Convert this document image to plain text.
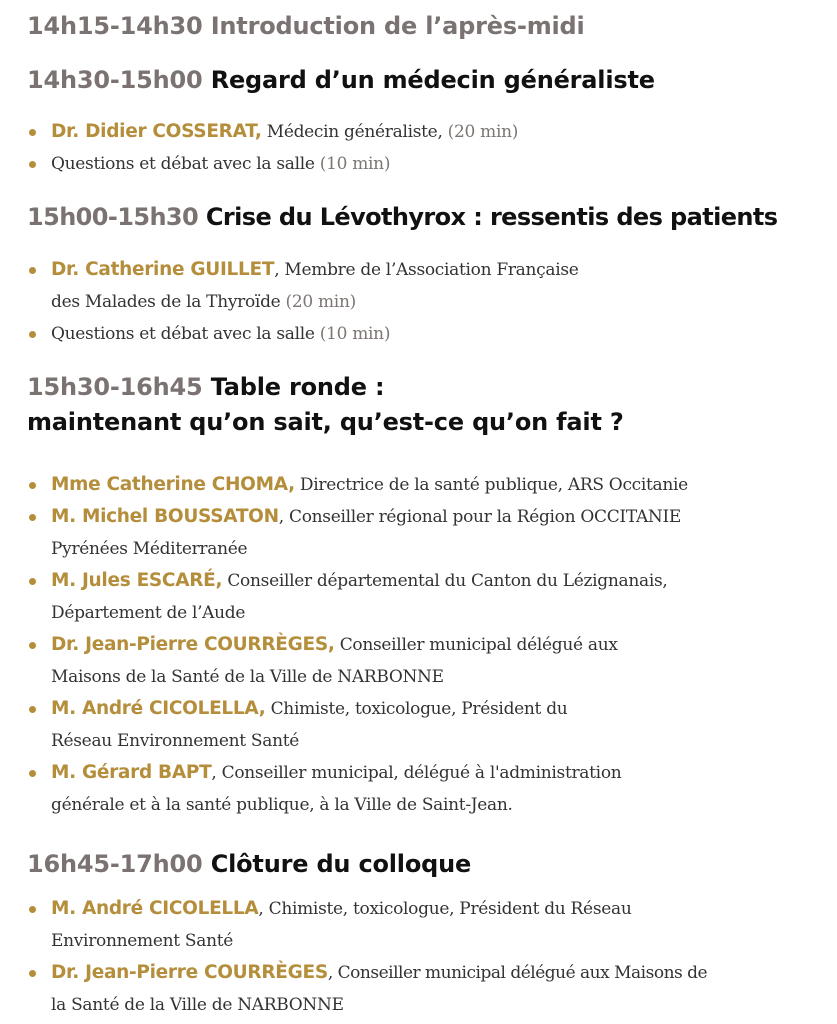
14h15-14h30 Introduction de l’après-midi
14h30-15h00 Regard d’un médecin généraliste
Dr. Didier COSSERAT, Médecin généraliste, (20 min)
Questions et débat avec la salle (10 min)
15h00-15h30 Crise du Lévothyrox : ressentis des patients
Dr. Catherine GUILLET, Membre de l’Association Française
des Malades de la Thyroïde (20 min)
Questions et débat avec la salle (10 min)
15h30-16h45 Table ronde :
maintenant qu’on sait, qu’est-ce qu’on fait ?
Mme Catherine CHOMA, Directrice de la santé publique, ARS Occitanie
M. Michel BOUSSATON, Conseiller régional pour la Région OCCITANIE
Pyrénées Méditerranée
M. Jules ESCARÉ, Conseiller départemental du Canton du Lézignanais,
Département de l’Aude
Dr. Jean-Pierre COURRÈGES, Conseiller municipal délégué aux
Maisons de la Santé de la Ville de NARBONNE
M. André CICOLELLA, Chimiste, toxicologue, Président du
Réseau Environnement Santé
M. Gérard BAPT, Conseiller municipal, délégué à l'administration
générale et à la santé publique, à la Ville de Saint-Jean.
16h45-17h00 Clôture du colloque
M. André CICOLELLA, Chimiste, toxicologue, Président du Réseau
Environnement Santé
Dr. Jean-Pierre COURRÈGES, Conseiller municipal délégué aux Maisons de
la Santé de la Ville de NARBONNE
